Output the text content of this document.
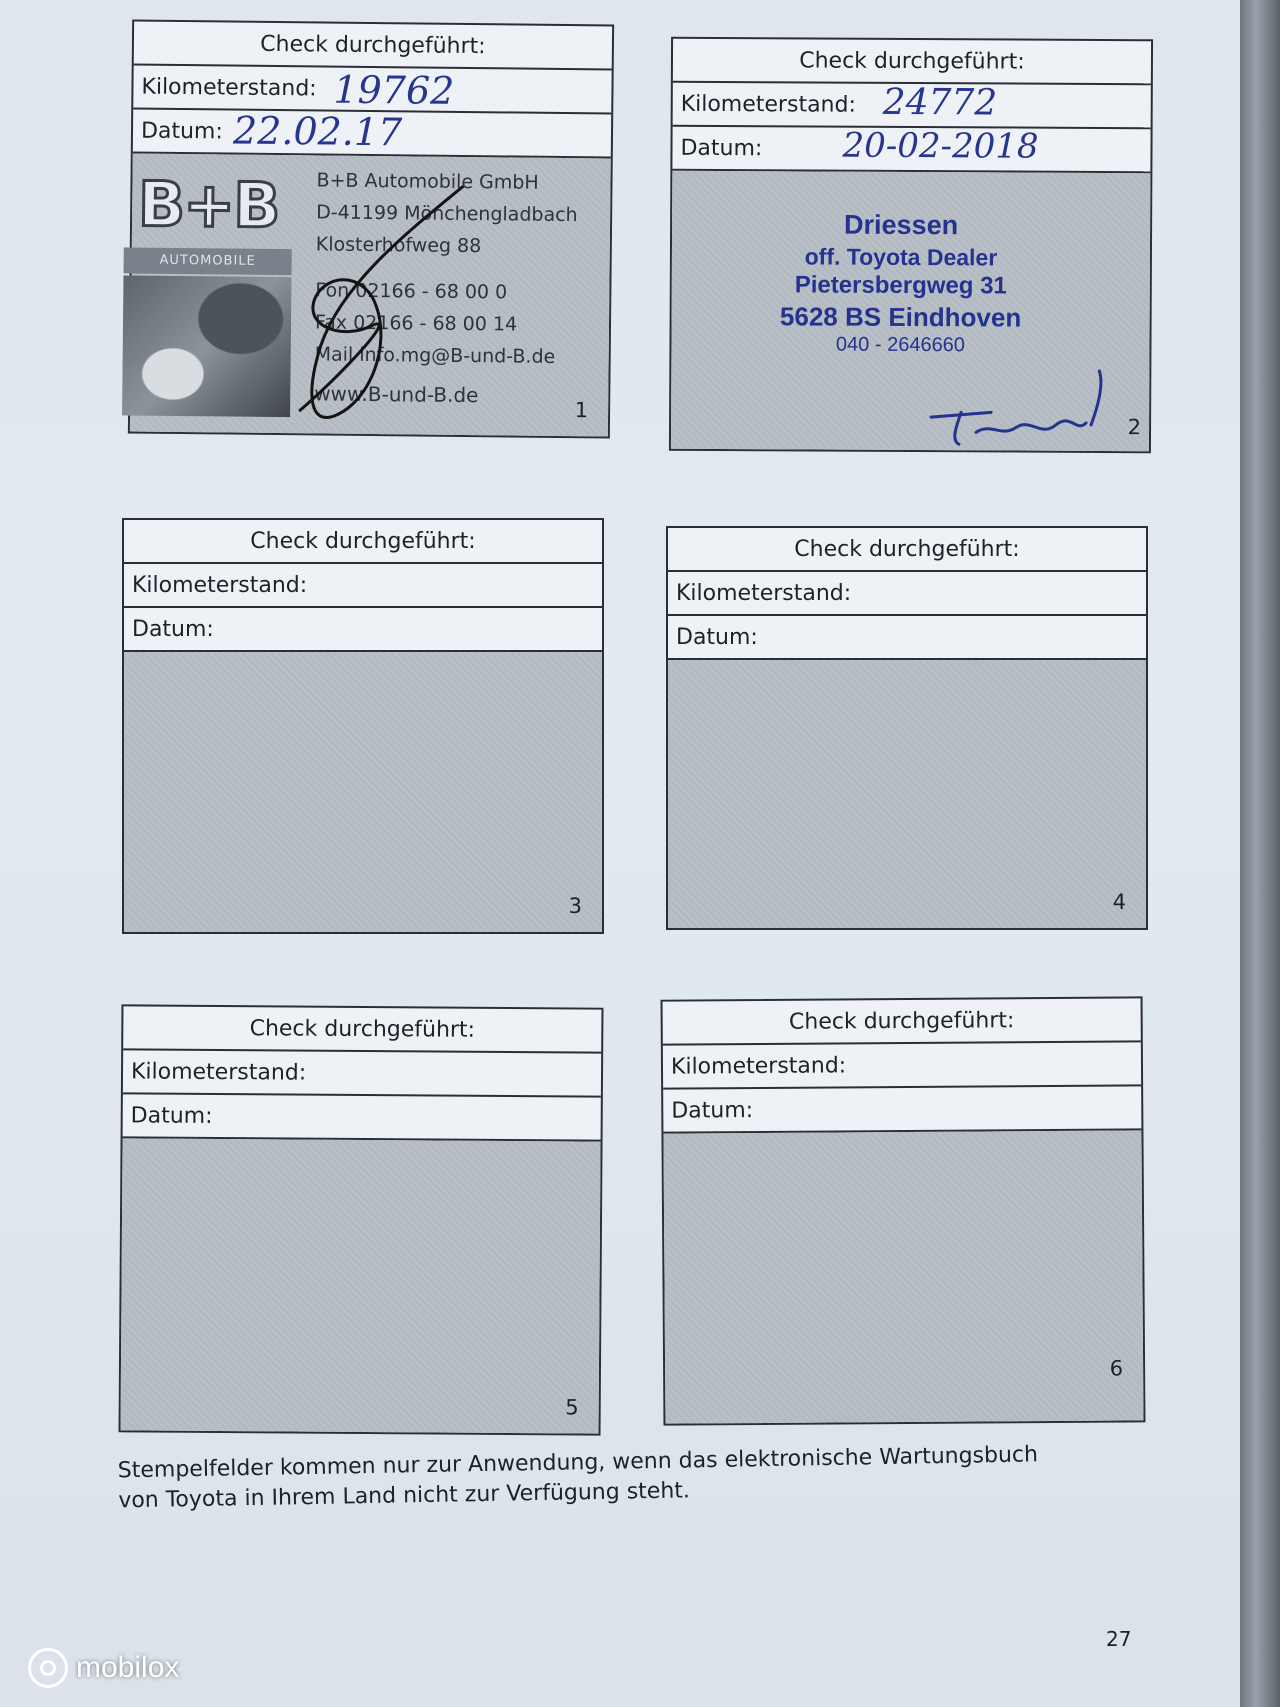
Check durchgeführt:
Kilometerstand: 19762
Datum: 22.02.17
B+B
AUTOMOBILE
B+B Automobile GmbH
D-41199 Mönchengladbach
Klosterhofweg 88
Fon 02166 - 68 00 0
Fax 02166 - 68 00 14
Mail info.mg@B-und-B.de
www.B-und-B.de
1
Check durchgeführt:
Kilometerstand: 24772
Datum: 20-02-2018
Driessen
off. Toyota Dealer
Pietersbergweg 31
5628 BS Eindhoven
040 - 2646660
2
Check durchgeführt:
Kilometerstand:
Datum:
3
Check durchgeführt:
Kilometerstand:
Datum:
4
Check durchgeführt:
Kilometerstand:
Datum:
5
Check durchgeführt:
Kilometerstand:
Datum:
6
Stempelfelder kommen nur zur Anwendung, wenn das elektronische Wartungsbuch von Toyota in Ihrem Land nicht zur Verfügung steht.
27
mobilox
